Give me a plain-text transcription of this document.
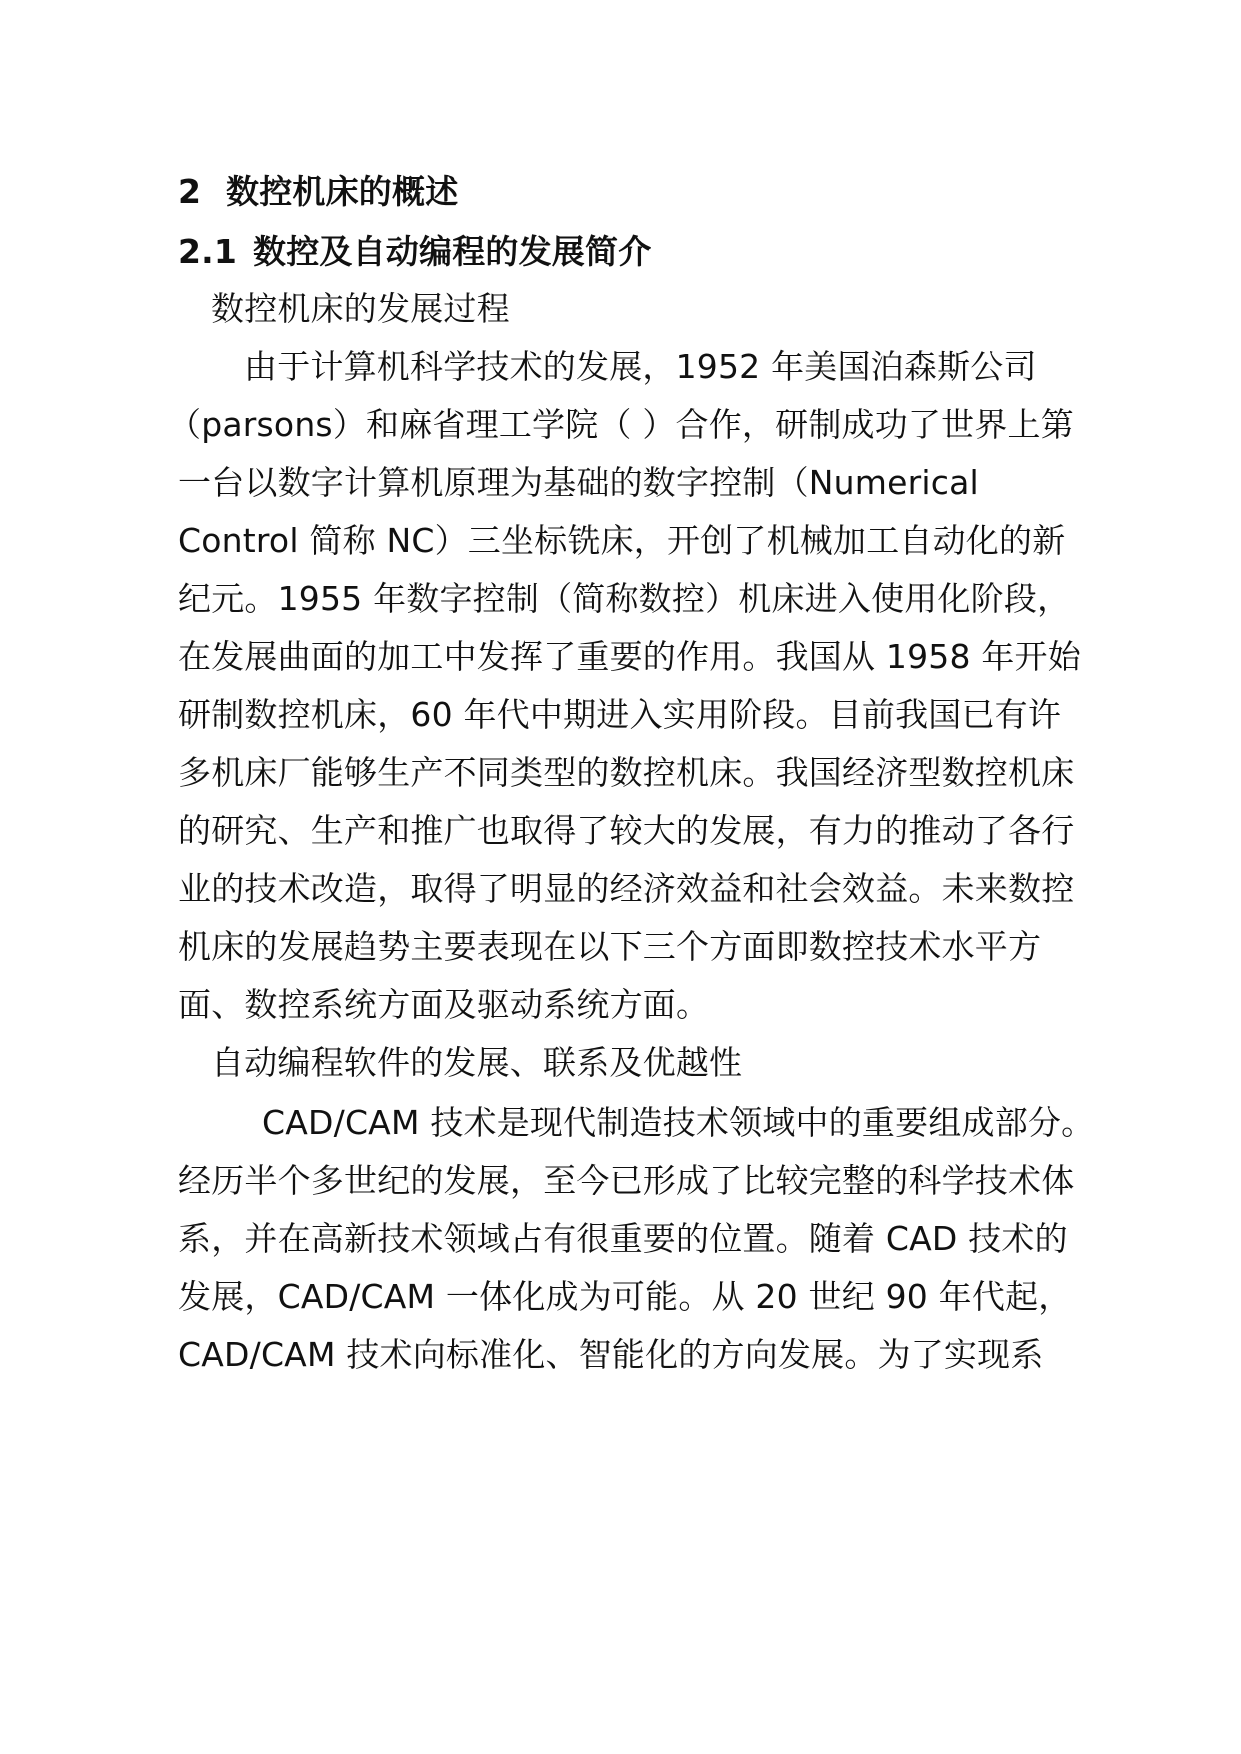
2 数控机床的概述
2.1 数控及自动编程的发展简介
数控机床的发展过程
由于计算机科学技术的发展，1952 年美国泊森斯公司
（parsons）和麻省理工学院（ ）合作，研制成功了世界上第
一台以数字计算机原理为基础的数字控制（Numerical
Control 简称 NC）三坐标铣床，开创了机械加工自动化的新
纪元。1955 年数字控制（简称数控）机床进入使用化阶段，
在发展曲面的加工中发挥了重要的作用。我国从 1958 年开始
研制数控机床，60 年代中期进入实用阶段。目前我国已有许
多机床厂能够生产不同类型的数控机床。我国经济型数控机床
的研究、生产和推广也取得了较大的发展，有力的推动了各行
业的技术改造，取得了明显的经济效益和社会效益。未来数控
机床的发展趋势主要表现在以下三个方面即数控技术水平方
面、数控系统方面及驱动系统方面。
自动编程软件的发展、联系及优越性
CAD/CAM 技术是现代制造技术领域中的重要组成部分。
经历半个多世纪的发展，至今已形成了比较完整的科学技术体
系，并在高新技术领域占有很重要的位置。随着 CAD 技术的
发展，CAD/CAM 一体化成为可能。从 20 世纪 90 年代起，
CAD/CAM 技术向标准化、智能化的方向发展。为了实现系
